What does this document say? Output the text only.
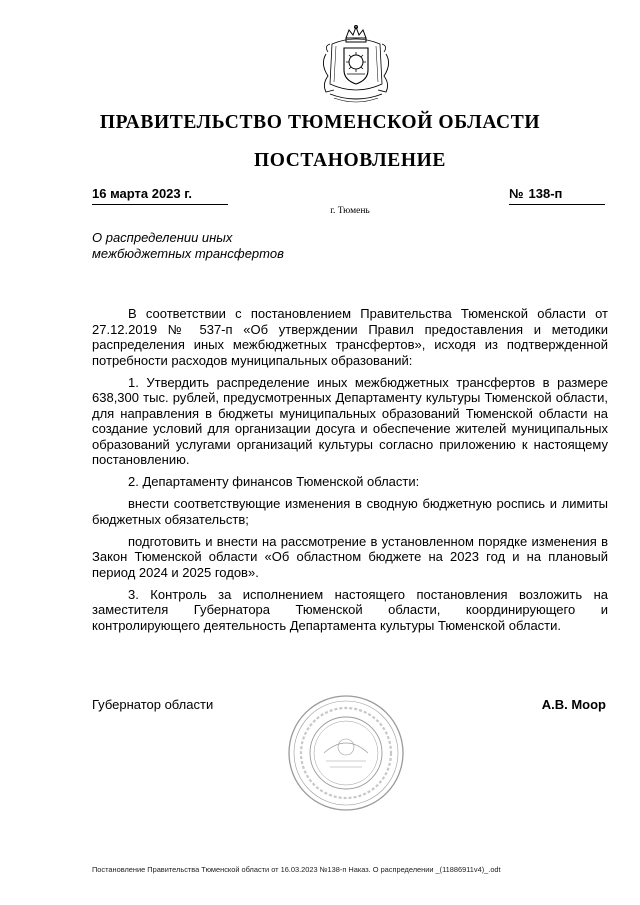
ПРАВИТЕЛЬСТВО ТЮМЕНСКОЙ ОБЛАСТИ
ПОСТАНОВЛЕНИЕ
16 марта 2023 г.	№ 138-п
г. Тюмень
О распределении иных
межбюджетных трансфертов

В соответствии с постановлением Правительства Тюменской области от 27.12.2019 № 537-п «Об утверждении Правил предоставления и методики распределения иных межбюджетных трансфертов», исходя из подтвержденной потребности расходов муниципальных образований:

1. Утвердить распределение иных межбюджетных трансфертов в размере 638,300 тыс. рублей, предусмотренных Департаменту культуры Тюменской области, для направления в бюджеты муниципальных образований Тюменской области на создание условий для организации досуга и обеспечение жителей муниципальных образований услугами организаций культуры согласно приложению к настоящему постановлению.

2. Департаменту финансов Тюменской области:

внести соответствующие изменения в сводную бюджетную роспись и лимиты бюджетных обязательств;

подготовить и внести на рассмотрение в установленном порядке изменения в Закон Тюменской области «Об областном бюджете на 2023 год и на плановый период 2024 и 2025 годов».

3. Контроль за исполнением настоящего постановления возложить на заместителя Губернатора Тюменской области, координирующего и контролирующего деятельность Департамента культуры Тюменской области.

Губернатор области	А.В. Моор
Постановление Правительства Тюменской области от 16.03.2023 №138-п Наказ. О распределении _(11886911v4)_.odt
